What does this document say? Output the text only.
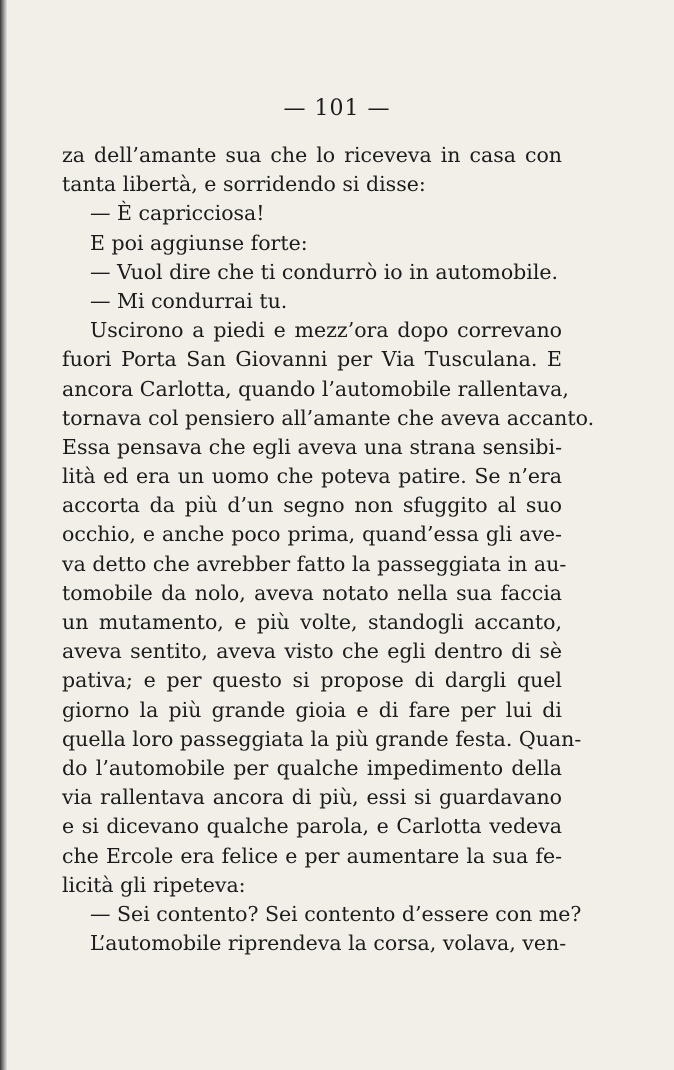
— 101 —
za dell’amante sua che lo riceveva in casa con
tanta libertà, e sorridendo si disse:
— È capricciosa!
E poi aggiunse forte:
— Vuol dire che ti condurrò io in automobile.
— Mi condurrai tu.
Uscirono a piedi e mezz’ora dopo correvano
fuori Porta San Giovanni per Via Tusculana. E
ancora Carlotta, quando l’automobile rallentava,
tornava col pensiero all’amante che aveva accanto.
Essa pensava che egli aveva una strana sensibi-
lità ed era un uomo che poteva patire. Se n’era
accorta da più d’un segno non sfuggito al suo
occhio, e anche poco prima, quand’essa gli ave-
va detto che avrebber fatto la passeggiata in au-
tomobile da nolo, aveva notato nella sua faccia
un mutamento, e più volte, standogli accanto,
aveva sentito, aveva visto che egli dentro di sè
pativa; e per questo si propose di dargli quel
giorno la più grande gioia e di fare per lui di
quella loro passeggiata la più grande festa. Quan-
do l’automobile per qualche impedimento della
via rallentava ancora di più, essi si guardavano
e si dicevano qualche parola, e Carlotta vedeva
che Ercole era felice e per aumentare la sua fe-
licità gli ripeteva:
— Sei contento? Sei contento d’essere con me?
L’automobile riprendeva la corsa, volava, ven-
